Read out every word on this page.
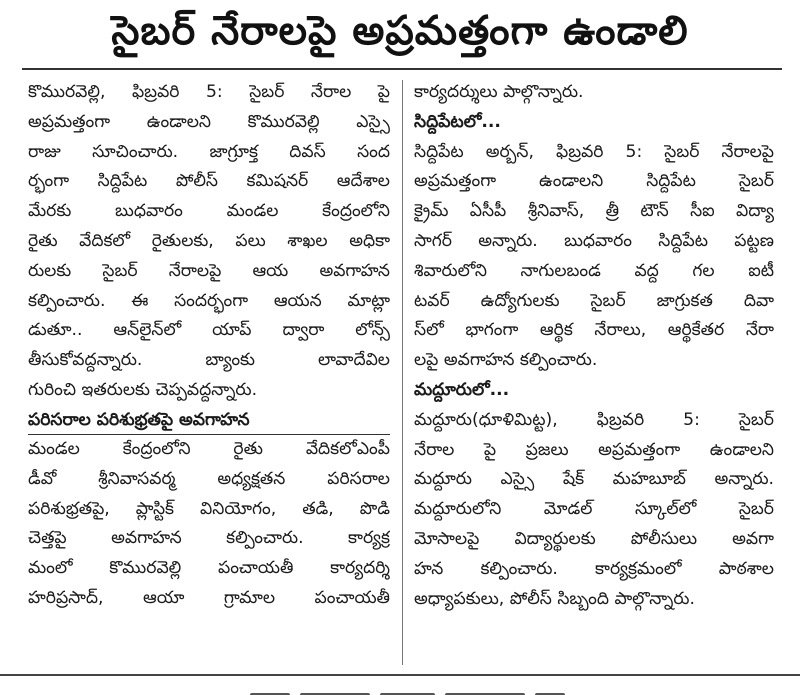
సైబర్ నేరాలపై అప్రమత్తంగా ఉండాలి
కొమురవెల్లి, ఫిబ్రవరి 5: సైబర్ నేరాల పై
అప్రమత్తంగా ఉండాలని కొమురవెల్లి ఎస్సై
రాజు సూచించారు. జాగ్రూక్త దివస్ సంద
ర్భంగా సిద్దిపేట పోలీస్ కమిషనర్ ఆదేశాల
మేరకు బుధవారం మండల కేంద్రంలోని
రైతు వేదికలో రైతులకు, పలు శాఖల అధికా
రులకు సైబర్ నేరాలపై ఆయ అవగాహన
కల్పించారు. ఈ సందర్భంగా ఆయన మాట్లా
డుతూ.. ఆన్‌లైన్‌లో యాప్ ద్వారా లోన్స్
తీసుకోవద్దన్నారు. బ్యాంకు లావాదేవిల
గురించి ఇతరులకు చెప్పవద్దన్నారు.
పరిసరాల పరిశుభ్రతపై అవగాహన
మండల కేంద్రంలోని రైతు వేదికలోఎంపీ
డీవో శ్రీనివాసవర్మ అధ్యక్షతన పరిసరాల
పరిశుభ్రతపై, ప్లాస్టిక్ వినియోగం, తడి, పొడి
చెత్తపై అవగాహన కల్పించారు. కార్యక్ర
మంలో కొమురవెల్లి పంచాయతీ కార్యదర్శి
హరిప్రసాద్, ఆయా గ్రామాల పంచాయతీ
కార్యదర్శులు పాల్గొన్నారు.
సిద్దిపేటలో...
సిద్దిపేట అర్బన్, ఫిబ్రవరి 5: సైబర్ నేరాలపై
అప్రమత్తంగా ఉండాలని సిద్దిపేట సైబర్
క్రైమ్ ఏసీపీ శ్రీనివాస్, త్రీ టౌన్ సీఐ విద్యా
సాగర్ అన్నారు. బుధవారం సిద్దిపేట పట్టణ
శివారులోని నాగులబండ వద్ద గల ఐటీ
టవర్ ఉద్యోగులకు సైబర్ జాగ్రుకత దివా
స్‌లో భాగంగా ఆర్థిక నేరాలు, ఆర్థికేతర నేరా
లపై అవగాహన కల్పించారు.
మద్దూరులో...
మద్దూరు(ధూళిమిట్ట), ఫిబ్రవరి 5: సైబర్
నేరాల పై ప్రజలు అప్రమత్తంగా ఉండాలని
మద్దూరు ఎస్సై షేక్ మహబూబ్ అన్నారు.
మద్దూరులోని మోడల్ స్కూల్‌లో సైబర్
మోసాలపై విద్యార్థులకు పోలీసులు అవగా
హన కల్పించారు. కార్యక్రమంలో పాఠశాల
అధ్యాపకులు, పోలీస్ సిబ్బంది పాల్గొన్నారు.
